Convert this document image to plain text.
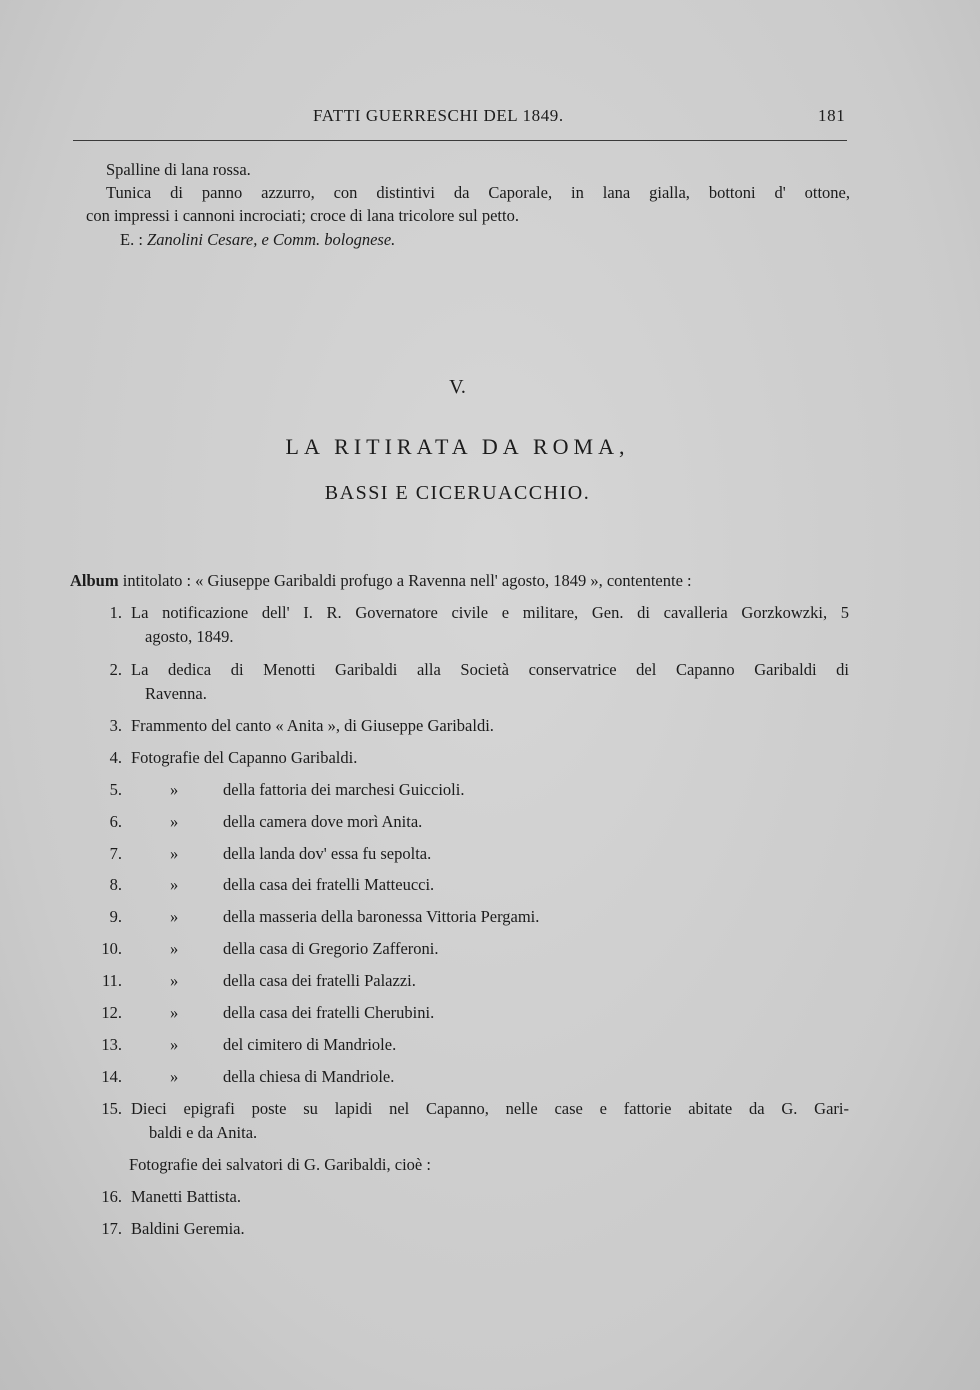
FATTI GUERRESCHI DEL 1849.	181
Spalline di lana rossa.
Tunica di panno azzurro, con distintivi da Caporale, in lana gialla, bottoni d' ottone,
con impressi i cannoni incrociati; croce di lana tricolore sul petto.
E. : Zanolini Cesare, e Comm. bolognese.
V.
LA RITIRATA DA ROMA,
BASSI E CICERUACCHIO.
Album intitolato : « Giuseppe Garibaldi profugo a Ravenna nell' agosto, 1849 », contentente :
1. La notificazione dell' I. R. Governatore civile e militare, Gen. di cavalleria Gorzkowzki, 5
agosto, 1849.
2. La dedica di Menotti Garibaldi alla Società conservatrice del Capanno Garibaldi di
Ravenna.
3. Frammento del canto « Anita », di Giuseppe Garibaldi.
4. Fotografie del Capanno Garibaldi.
5.	»	della fattoria dei marchesi Guiccioli.
6.	»	della camera dove morì Anita.
7.	»	della landa dov' essa fu sepolta.
8.	»	della casa dei fratelli Matteucci.
9.	»	della masseria della baronessa Vittoria Pergami.
10.	»	della casa di Gregorio Zafferoni.
11.	»	della casa dei fratelli Palazzi.
12.	»	della casa dei fratelli Cherubini.
13.	»	del cimitero di Mandriole.
14.	»	della chiesa di Mandriole.
15. Dieci epigrafi poste su lapidi nel Capanno, nelle case e fattorie abitate da G. Gari-
baldi e da Anita.
Fotografie dei salvatori di G. Garibaldi, cioè :
16. Manetti Battista.
17. Baldini Geremia.
